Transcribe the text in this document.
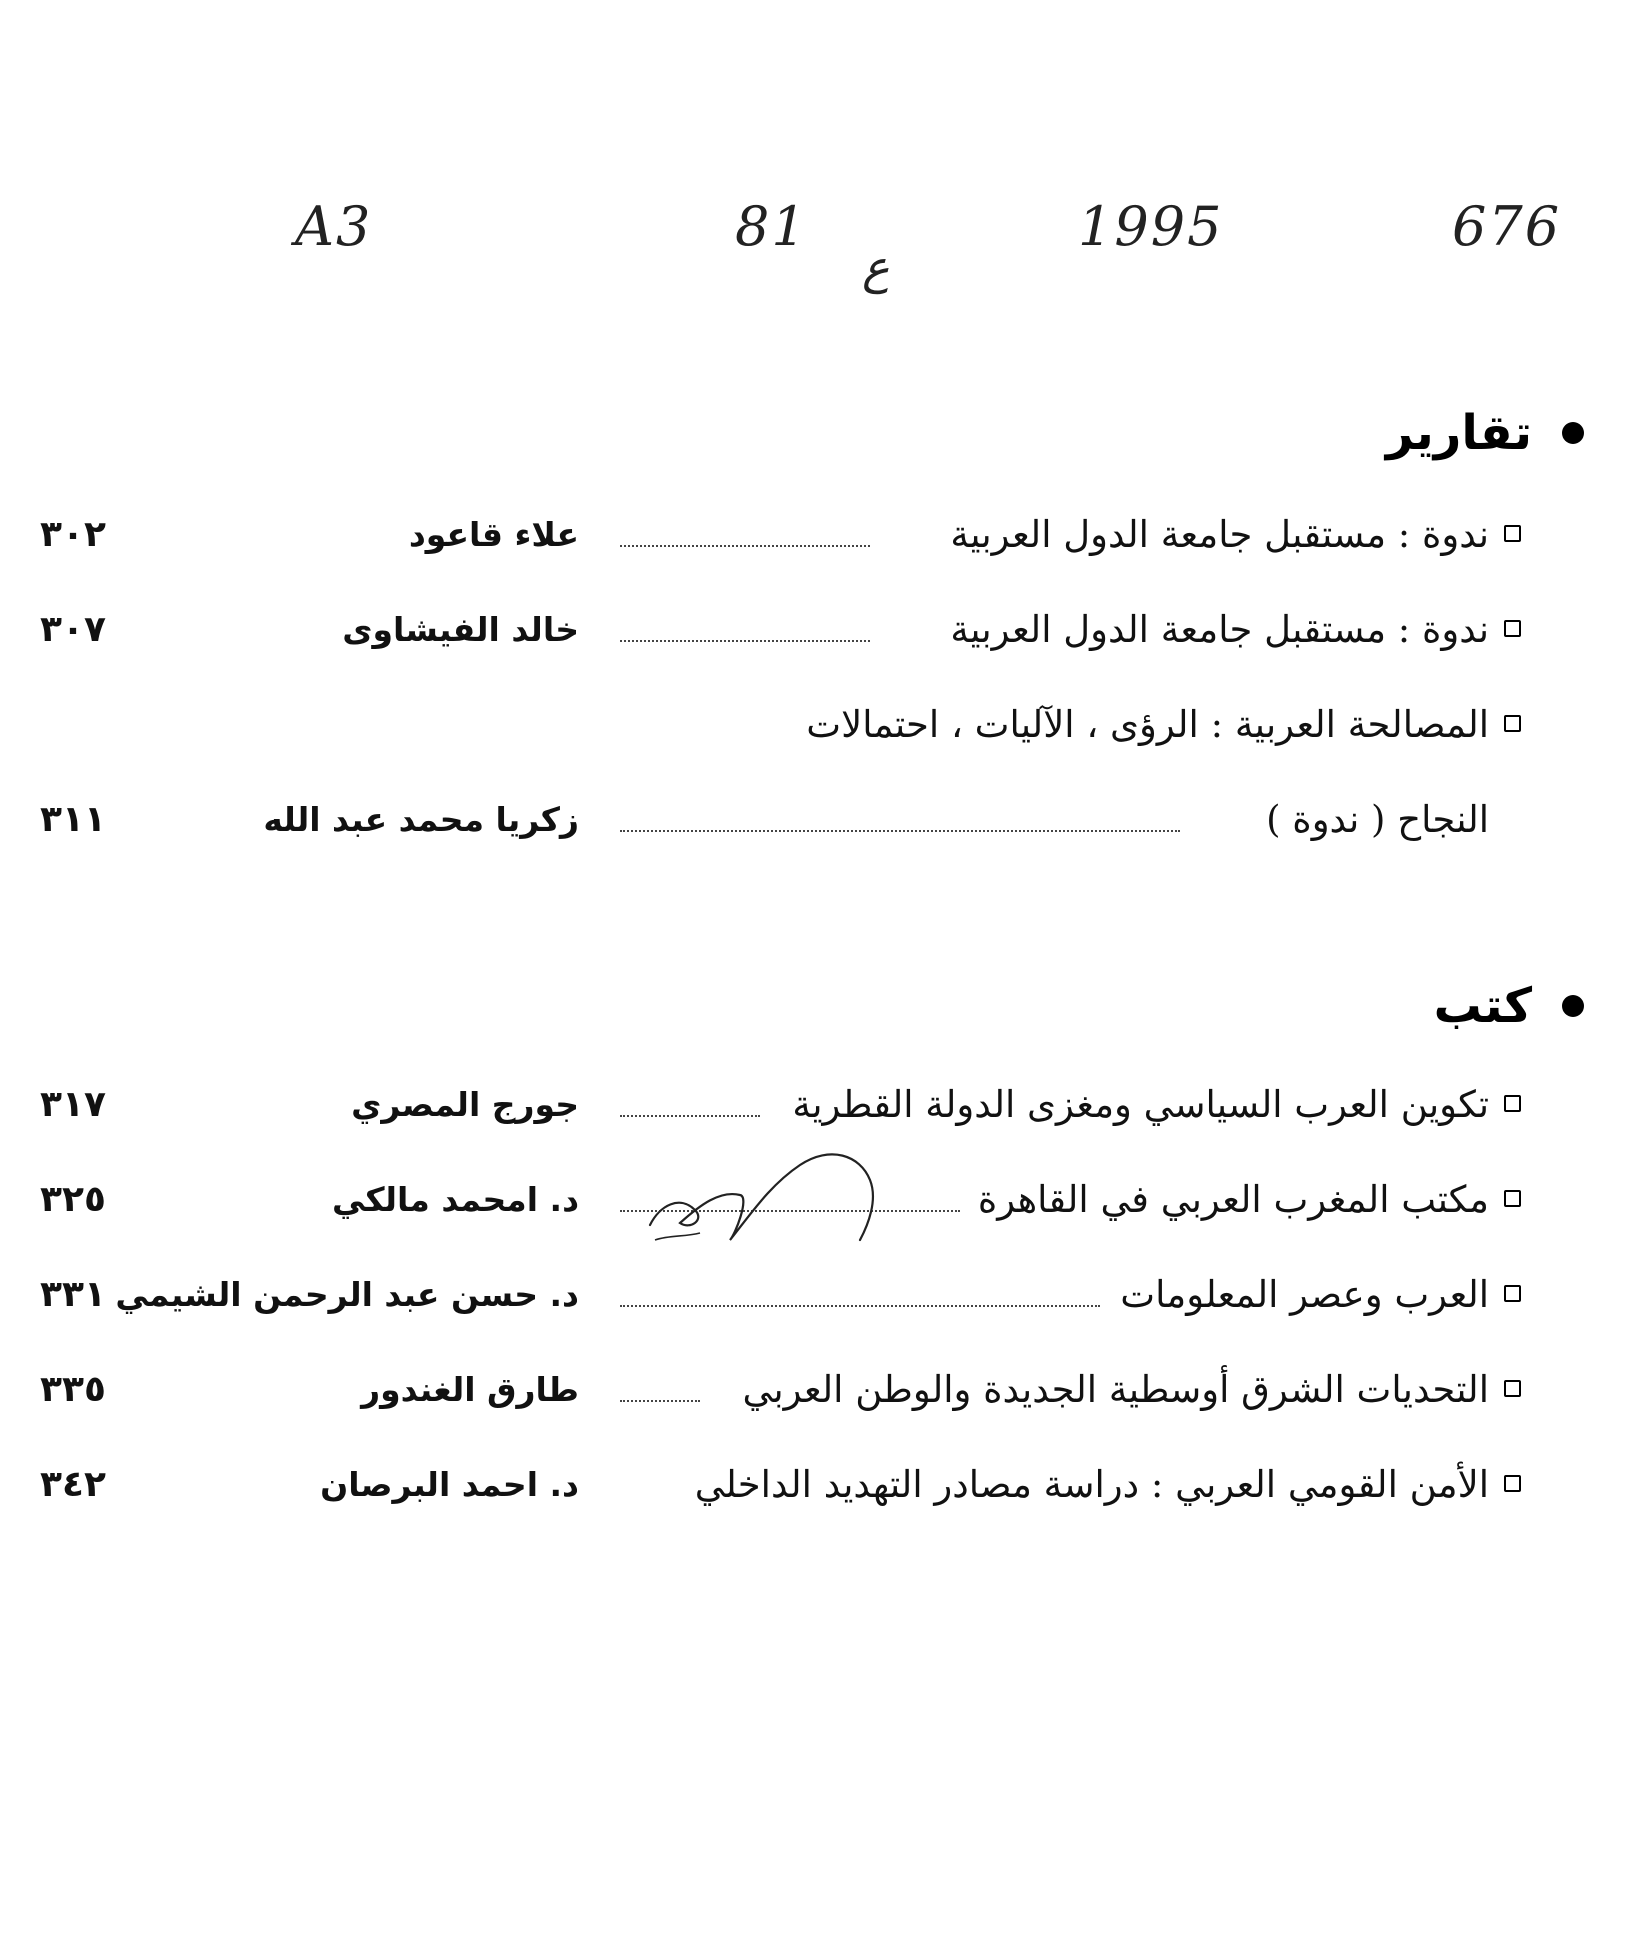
A3	81
ع
1995	676
تقارير
ندوة : مستقبل جامعة الدول العربية
علاء قاعود
٣٠٢
ندوة : مستقبل جامعة الدول العربية
خالد الفيشاوى
٣٠٧
المصالحة العربية : الرؤى ، الآليات ، احتمالات
النجاح ( ندوة )
زكريا محمد عبد الله
٣١١
كتب
تكوين العرب السياسي ومغزى الدولة القطرية
جورج المصري
٣١٧
مكتب المغرب العربي في القاهرة
د. امحمد مالكي
٣٢٥
العرب وعصر المعلومات
د. حسن عبد الرحمن الشيمي
٣٣١
التحديات الشرق أوسطية الجديدة والوطن العربي
طارق الغندور
٣٣٥
الأمن القومي العربي : دراسة مصادر التهديد الداخلي
د. احمد البرصان
٣٤٢
